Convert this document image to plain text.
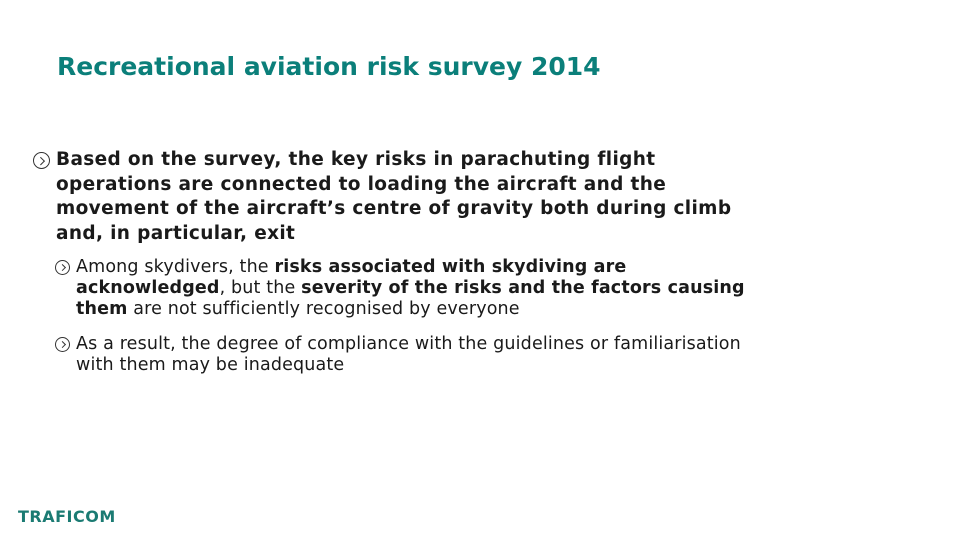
Recreational aviation risk survey 2014
Based on the survey, the key risks in parachuting flight operations are connected to loading the aircraft and the movement of the aircraft’s centre of gravity both during climb and, in particular, exit
Among skydivers, the risks associated with skydiving are acknowledged, but the severity of the risks and the factors causing them are not sufficiently recognised by everyone
As a result, the degree of compliance with the guidelines or familiarisation with them may be inadequate
TRAFICOM
